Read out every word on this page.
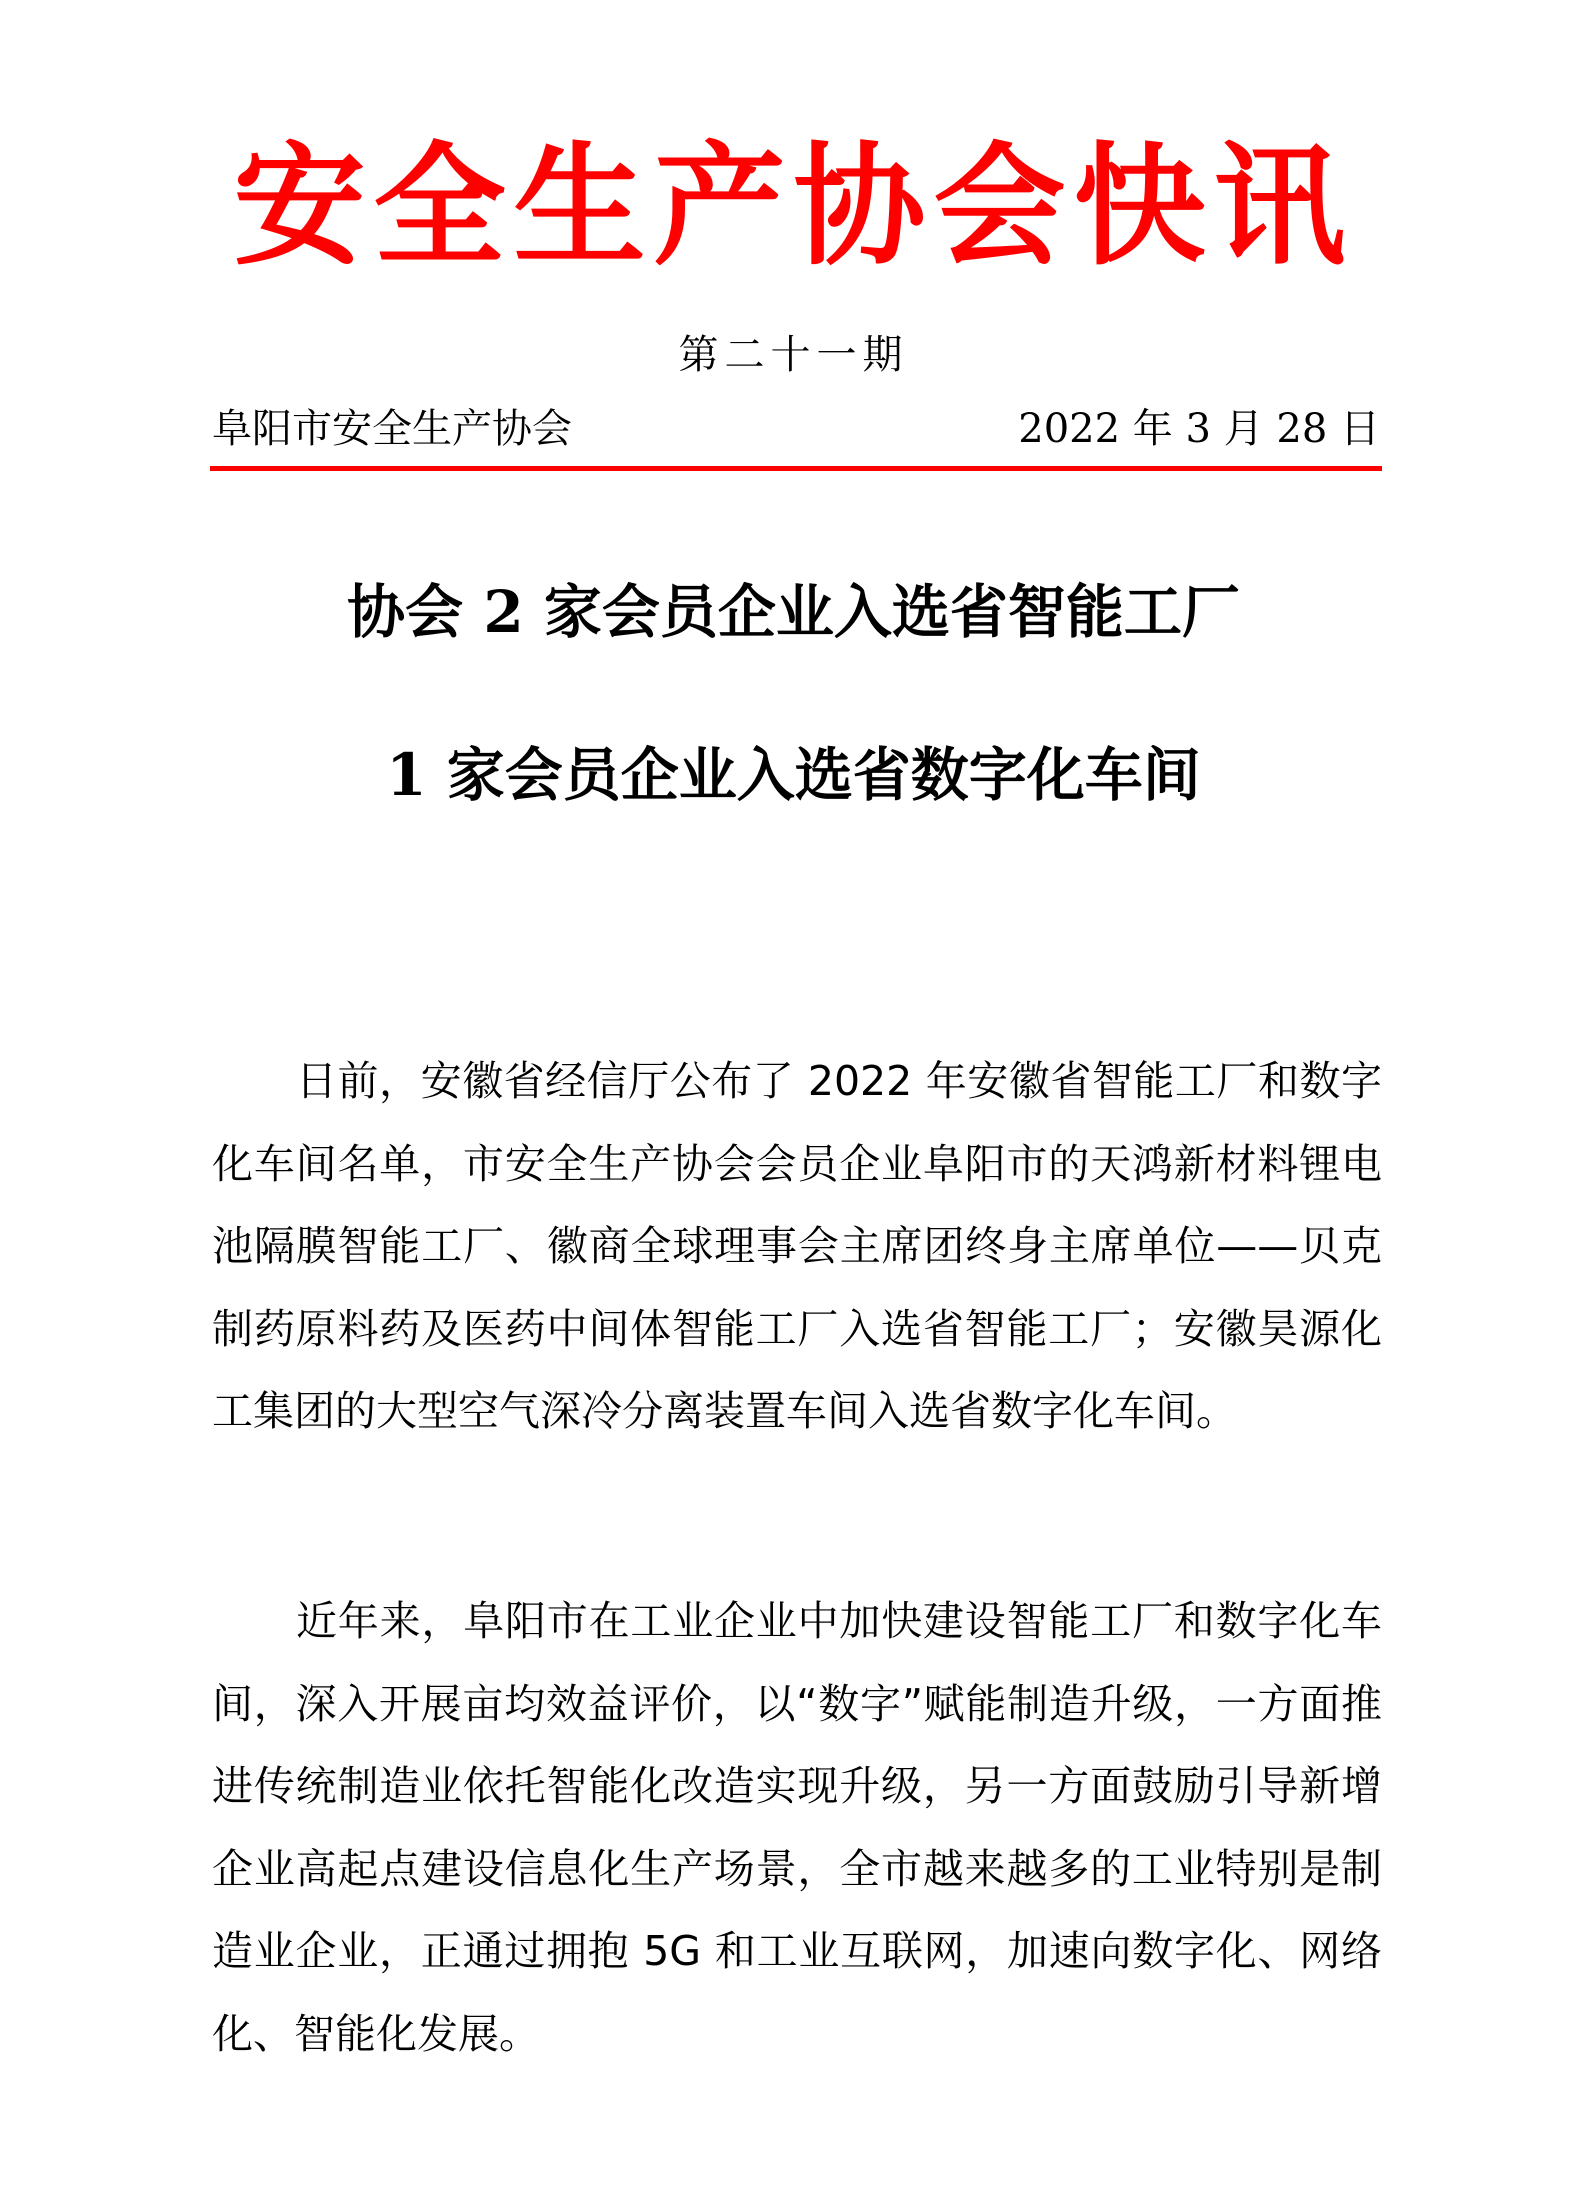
安全生产协会快讯
第二十一期
阜阳市安全生产协会	2022 年 3 月 28 日
协会 2 家会员企业入选省智能工厂
1 家会员企业入选省数字化车间

日前，安徽省经信厅公布了 2022 年安徽省智能工厂和数字化车间名单，市安全生产协会会员企业阜阳市的天鸿新材料锂电池隔膜智能工厂、徽商全球理事会主席团终身主席单位——贝克制药原料药及医药中间体智能工厂入选省智能工厂；安徽昊源化工集团的大型空气深冷分离装置车间入选省数字化车间。

近年来，阜阳市在工业企业中加快建设智能工厂和数字化车间，深入开展亩均效益评价，以“数字”赋能制造升级，一方面推进传统制造业依托智能化改造实现升级，另一方面鼓励引导新增企业高起点建设信息化生产场景，全市越来越多的工业特别是制造业企业，正通过拥抱 5G 和工业互联网，加速向数字化、网络化、智能化发展。
